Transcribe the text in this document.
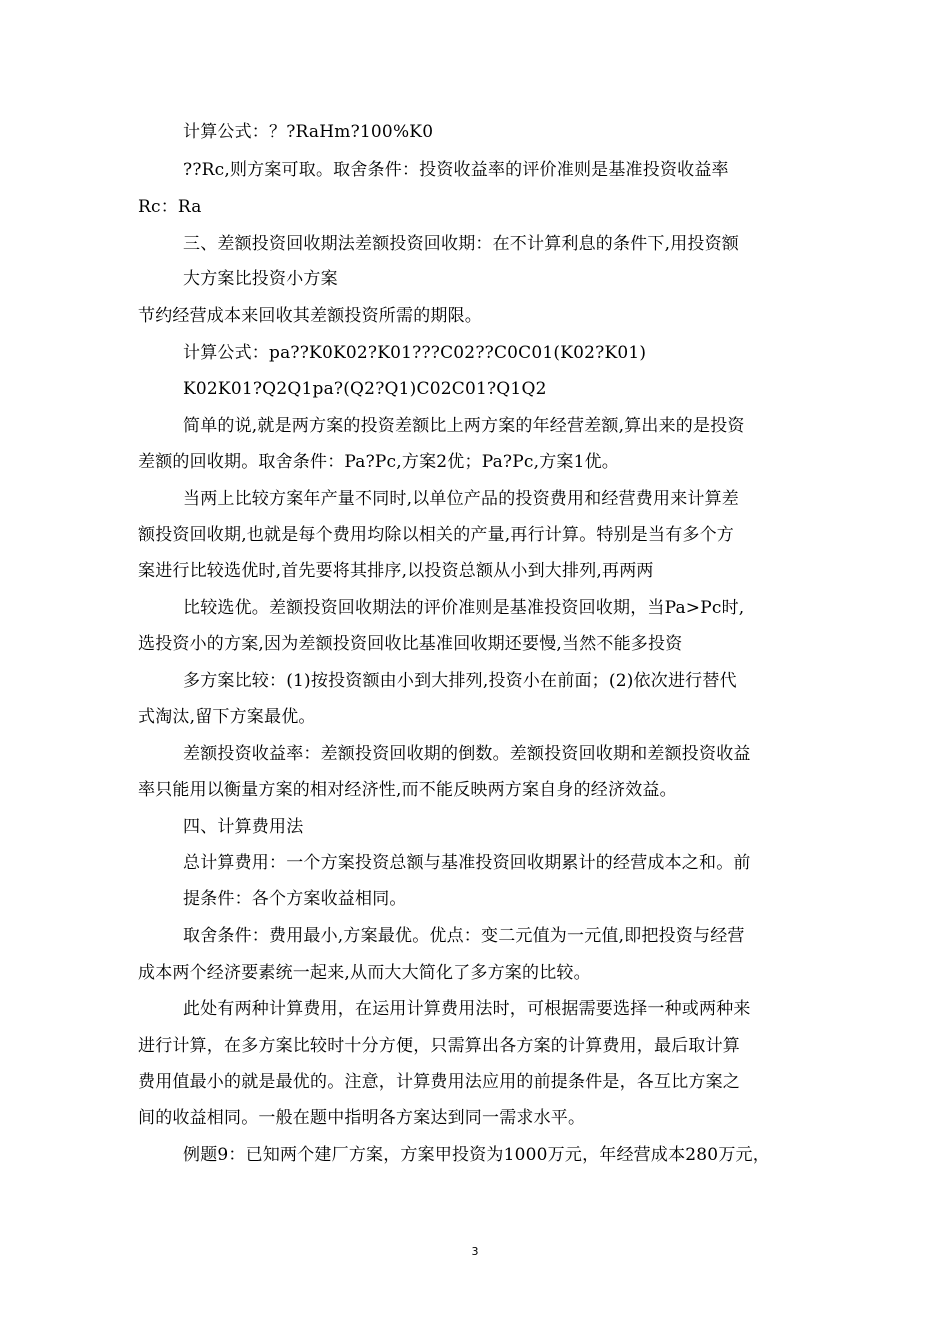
计算公式：？?RaHm?100%K0
??Rc,则方案可取。取舍条件：投资收益率的评价准则是基准投资收益率
Rc：Ra
三、差额投资回收期法差额投资回收期：在不计算利息的条件下,用投资额
大方案比投资小方案
节约经营成本来回收其差额投资所需的期限。
计算公式：pa??K0K02?K01???C02??C0C01(K02?K01)
K02K01?Q2Q1pa?(Q2?Q1)C02C01?Q1Q2
简单的说,就是两方案的投资差额比上两方案的年经营差额,算出来的是投资
差额的回收期。取舍条件：Pa?Pc,方案2优；Pa?Pc,方案1优。
当两上比较方案年产量不同时,以单位产品的投资费用和经营费用来计算差
额投资回收期,也就是每个费用均除以相关的产量,再行计算。特别是当有多个方
案进行比较选优时,首先要将其排序,以投资总额从小到大排列,再两两
比较选优。差额投资回收期法的评价准则是基准投资回收期，当Pa>Pc时,
选投资小的方案,因为差额投资回收比基准回收期还要慢,当然不能多投资
多方案比较：(1)按投资额由小到大排列,投资小在前面；(2)依次进行替代
式淘汰,留下方案最优。
差额投资收益率：差额投资回收期的倒数。差额投资回收期和差额投资收益
率只能用以衡量方案的相对经济性,而不能反映两方案自身的经济效益。
四、计算费用法
总计算费用：一个方案投资总额与基准投资回收期累计的经营成本之和。前
提条件：各个方案收益相同。
取舍条件：费用最小,方案最优。优点：变二元值为一元值,即把投资与经营
成本两个经济要素统一起来,从而大大简化了多方案的比较。
此处有两种计算费用，在运用计算费用法时，可根据需要选择一种或两种来
进行计算，在多方案比较时十分方便，只需算出各方案的计算费用，最后取计算
费用值最小的就是最优的。注意，计算费用法应用的前提条件是，各互比方案之
间的收益相同。一般在题中指明各方案达到同一需求水平。
例题9：已知两个建厂方案，方案甲投资为1000万元，年经营成本280万元，
3
